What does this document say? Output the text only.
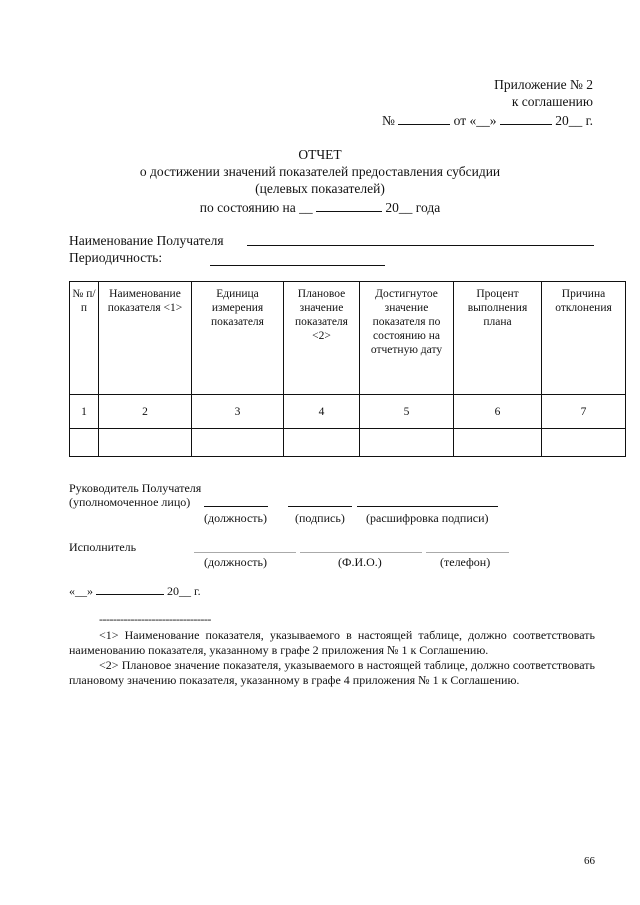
Приложение № 2
к соглашению
№	от «__»	20__ г.
ОТЧЕТ
о достижении значений показателей предоставления субсидии
(целевых показателей)
по состоянию на __	20__ года
Наименование Получателя
Периодичность:
№ п/п	Наименование показателя <1>	Единица измерения показателя	Плановое значение показателя <2>	Достигнутое значение показателя по состоянию на отчетную дату	Процент выполнения плана	Причина отклонения
1	2	3	4	5	6	7

Руководитель Получателя
(уполномоченное лицо)
(должность) (подпись) (расшифровка подписи)
Исполнитель
(должность)	(Ф.И.О.)	(телефон)
«__»	20__ г.
--------------------------------

<1> Наименование показателя, указываемого в настоящей таблице, должно соответствовать наименованию показателя, указанному в графе 2 приложения № 1 к Соглашению.

<2> Плановое значение показателя, указываемого в настоящей таблице, должно соответствовать плановому значению показателя, указанному в графе 4 приложения № 1 к Соглашению.

66
